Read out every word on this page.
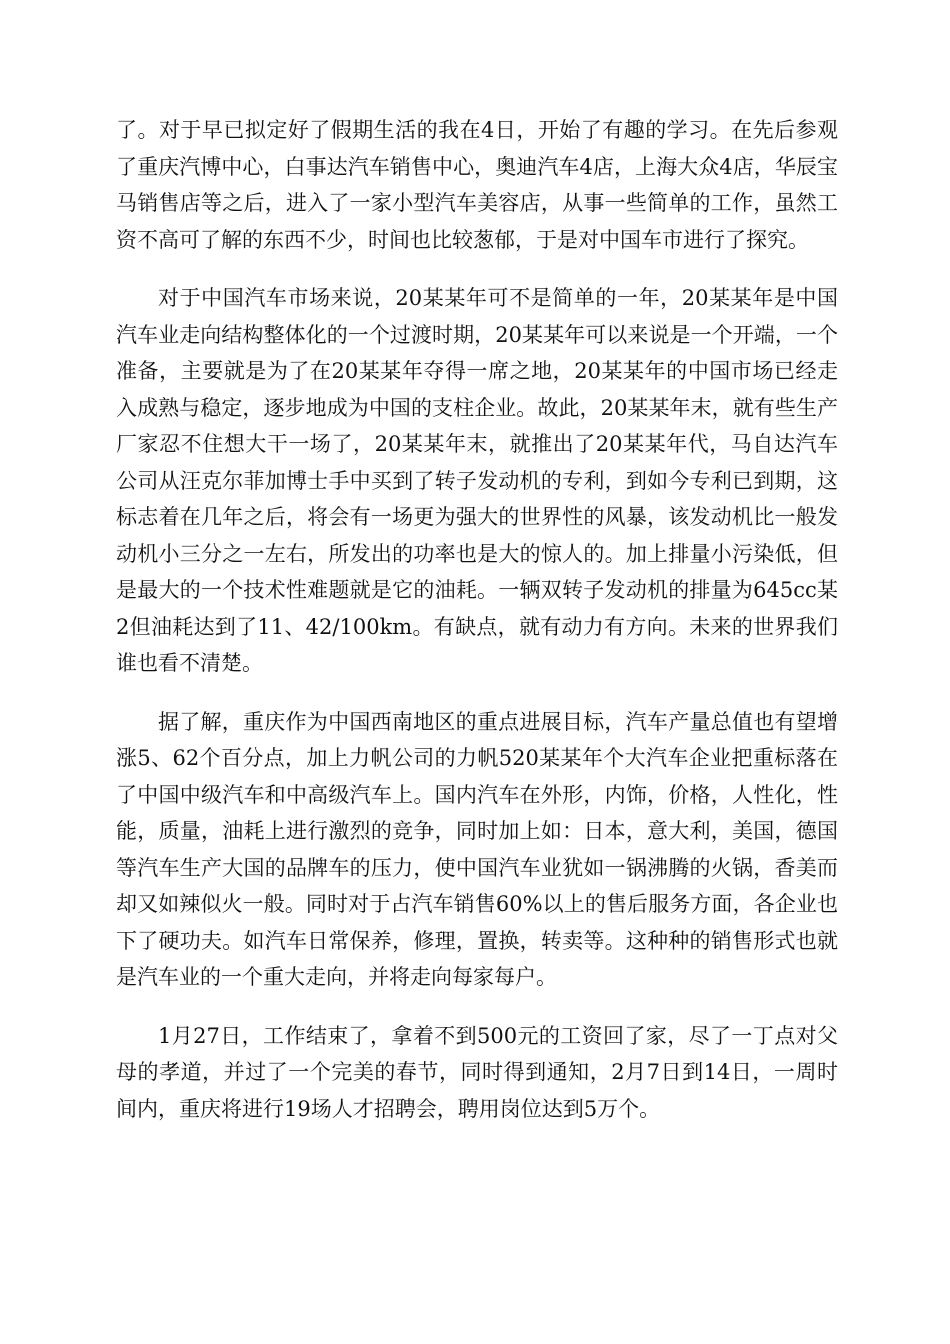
了。对于早已拟定好了假期生活的我在4日，开始了有趣的学习。在先后参观了重庆汽博中心，白事达汽车销售中心，奥迪汽车4店，上海大众4店，华辰宝马销售店等之后，进入了一家小型汽车美容店，从事一些简单的工作，虽然工资不高可了解的东西不少，时间也比较葱郁，于是对中国车市进行了探究。

对于中国汽车市场来说，20某某年可不是简单的一年，20某某年是中国汽车业走向结构整体化的一个过渡时期，20某某年可以来说是一个开端，一个准备，主要就是为了在20某某年夺得一席之地，20某某年的中国市场已经走入成熟与稳定，逐步地成为中国的支柱企业。故此，20某某年末，就有些生产厂家忍不住想大干一场了，20某某年末，就推出了20某某年代，马自达汽车公司从汪克尔菲加博士手中买到了转子发动机的专利，到如今专利已到期，这标志着在几年之后，将会有一场更为强大的世界性的风暴，该发动机比一般发动机小三分之一左右，所发出的功率也是大的惊人的。加上排量小污染低，但是最大的一个技术性难题就是它的油耗。一辆双转子发动机的排量为645cc某2但油耗达到了11、42/100km。有缺点，就有动力有方向。未来的世界我们谁也看不清楚。

据了解，重庆作为中国西南地区的重点进展目标，汽车产量总值也有望增涨5、62个百分点，加上力帆公司的力帆520某某年个大汽车企业把重标落在了中国中级汽车和中高级汽车上。国内汽车在外形，内饰，价格，人性化，性能，质量，油耗上进行激烈的竞争，同时加上如：日本，意大利，美国，德国等汽车生产大国的品牌车的压力，使中国汽车业犹如一锅沸腾的火锅，香美而却又如辣似火一般。同时对于占汽车销售60%以上的售后服务方面，各企业也下了硬功夫。如汽车日常保养，修理，置换，转卖等。这种种的销售形式也就是汽车业的一个重大走向，并将走向每家每户。

1月27日，工作结束了，拿着不到500元的工资回了家，尽了一丁点对父母的孝道，并过了一个完美的春节，同时得到通知，2月7日到14日，一周时间内，重庆将进行19场人才招聘会，聘用岗位达到5万个。
